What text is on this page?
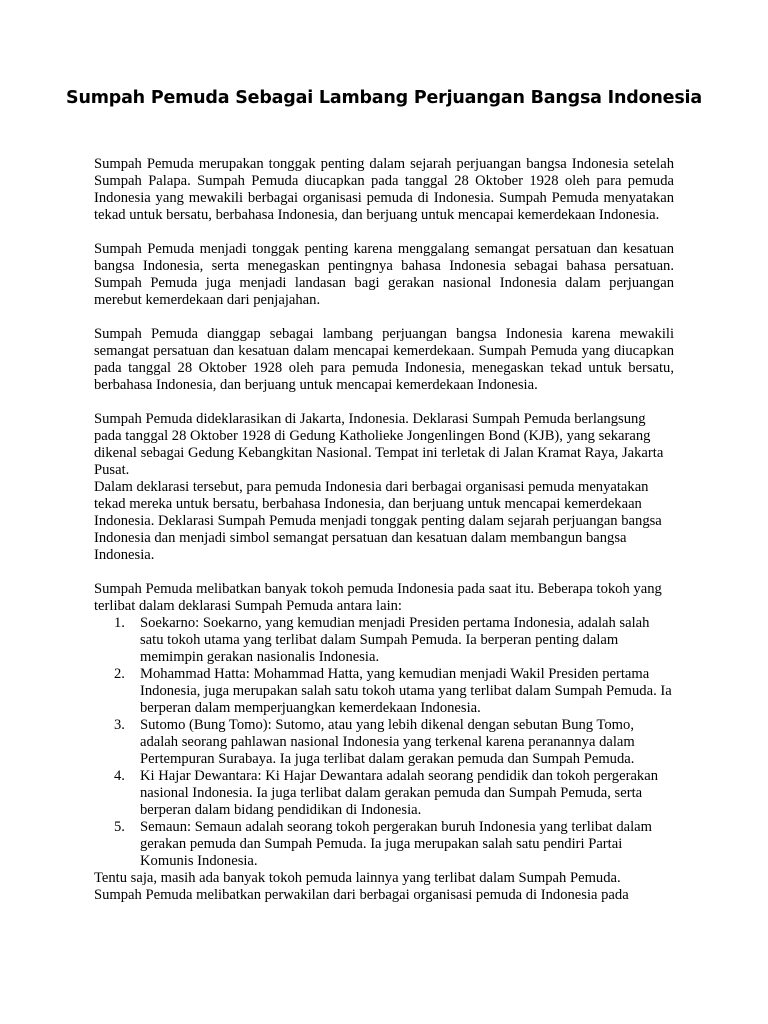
Sumpah Pemuda Sebagai Lambang Perjuangan Bangsa Indonesia

Sumpah Pemuda merupakan tonggak penting dalam sejarah perjuangan bangsa Indonesia setelah Sumpah Palapa. Sumpah Pemuda diucapkan pada tanggal 28 Oktober 1928 oleh para pemuda Indonesia yang mewakili berbagai organisasi pemuda di Indonesia. Sumpah Pemuda menyatakan tekad untuk bersatu, berbahasa Indonesia, dan berjuang untuk mencapai kemerdekaan Indonesia.

Sumpah Pemuda menjadi tonggak penting karena menggalang semangat persatuan dan kesatuan bangsa Indonesia, serta menegaskan pentingnya bahasa Indonesia sebagai bahasa persatuan. Sumpah Pemuda juga menjadi landasan bagi gerakan nasional Indonesia dalam perjuangan merebut kemerdekaan dari penjajahan.

Sumpah Pemuda dianggap sebagai lambang perjuangan bangsa Indonesia karena mewakili semangat persatuan dan kesatuan dalam mencapai kemerdekaan. Sumpah Pemuda yang diucapkan pada tanggal 28 Oktober 1928 oleh para pemuda Indonesia, menegaskan tekad untuk bersatu, berbahasa Indonesia, dan berjuang untuk mencapai kemerdekaan Indonesia.

Sumpah Pemuda dideklarasikan di Jakarta, Indonesia. Deklarasi Sumpah Pemuda berlangsung pada tanggal 28 Oktober 1928 di Gedung Katholieke Jongenlingen Bond (KJB), yang sekarang dikenal sebagai Gedung Kebangkitan Nasional. Tempat ini terletak di Jalan Kramat Raya, Jakarta Pusat.

Dalam deklarasi tersebut, para pemuda Indonesia dari berbagai organisasi pemuda menyatakan tekad mereka untuk bersatu, berbahasa Indonesia, dan berjuang untuk mencapai kemerdekaan Indonesia. Deklarasi Sumpah Pemuda menjadi tonggak penting dalam sejarah perjuangan bangsa Indonesia dan menjadi simbol semangat persatuan dan kesatuan dalam membangun bangsa Indonesia.

Sumpah Pemuda melibatkan banyak tokoh pemuda Indonesia pada saat itu. Beberapa tokoh yang terlibat dalam deklarasi Sumpah Pemuda antara lain:

1. Soekarno: Soekarno, yang kemudian menjadi Presiden pertama Indonesia, adalah salah satu tokoh utama yang terlibat dalam Sumpah Pemuda. Ia berperan penting dalam memimpin gerakan nasionalis Indonesia.
2. Mohammad Hatta: Mohammad Hatta, yang kemudian menjadi Wakil Presiden pertama Indonesia, juga merupakan salah satu tokoh utama yang terlibat dalam Sumpah Pemuda. Ia berperan dalam memperjuangkan kemerdekaan Indonesia.
3. Sutomo (Bung Tomo): Sutomo, atau yang lebih dikenal dengan sebutan Bung Tomo, adalah seorang pahlawan nasional Indonesia yang terkenal karena peranannya dalam Pertempuran Surabaya. Ia juga terlibat dalam gerakan pemuda dan Sumpah Pemuda.
4. Ki Hajar Dewantara: Ki Hajar Dewantara adalah seorang pendidik dan tokoh pergerakan nasional Indonesia. Ia juga terlibat dalam gerakan pemuda dan Sumpah Pemuda, serta berperan dalam bidang pendidikan di Indonesia.
5. Semaun: Semaun adalah seorang tokoh pergerakan buruh Indonesia yang terlibat dalam gerakan pemuda dan Sumpah Pemuda. Ia juga merupakan salah satu pendiri Partai Komunis Indonesia.

Tentu saja, masih ada banyak tokoh pemuda lainnya yang terlibat dalam Sumpah Pemuda.

Sumpah Pemuda melibatkan perwakilan dari berbagai organisasi pemuda di Indonesia pada
